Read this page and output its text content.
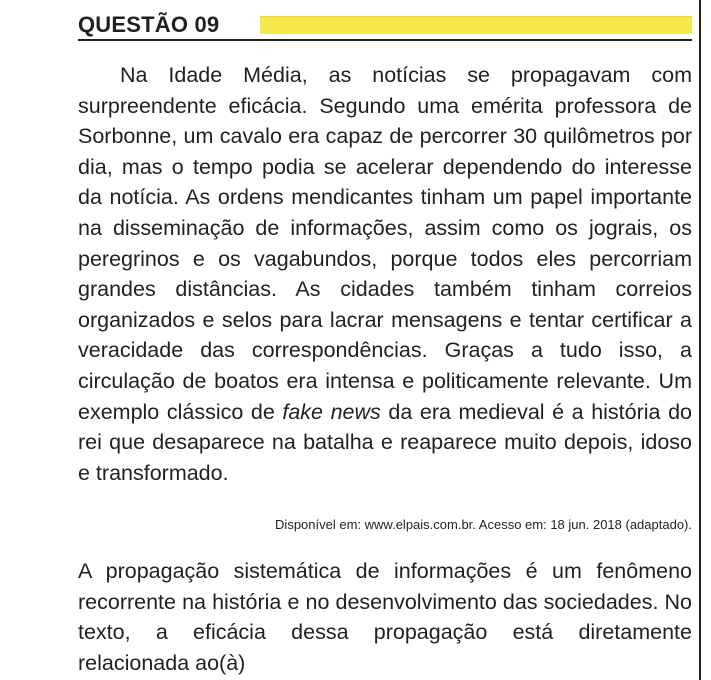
QUESTÃO 09

Na Idade Média, as notícias se propagavam com surpreendente eficácia. Segundo uma emérita professora de Sorbonne, um cavalo era capaz de percorrer 30 quilômetros por dia, mas o tempo podia se acelerar dependendo do interesse da notícia. As ordens mendicantes tinham um papel importante na disseminação de informações, assim como os jograis, os peregrinos e os vagabundos, porque todos eles percorriam grandes distâncias. As cidades também tinham correios organizados e selos para lacrar mensagens e tentar certificar a veracidade das correspondências. Graças a tudo isso, a circulação de boatos era intensa e politicamente relevante. Um exemplo clássico de fake news da era medieval é a história do rei que desaparece na batalha e reaparece muito depois, idoso e transformado.

Disponível em: www.elpais.com.br. Acesso em: 18 jun. 2018 (adaptado).
A propagação sistemática de informações é um fenômeno recorrente na história e no desenvolvimento das sociedades. No texto, a eficácia dessa propagação está diretamente relacionada ao(à)
